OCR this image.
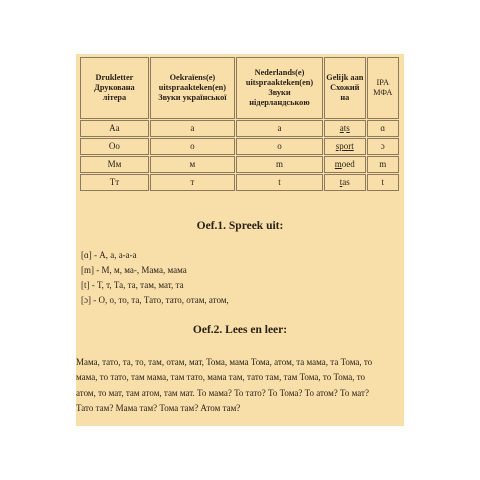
Drukletter Друкована літера	Oekraïens(e) uitspraakteken(en) Звуки української	Nederlands(e) uitspraakteken(en) Звуки нідерландською	Gelijk aan Схожий на	IPA МФА
Aa	a	a	ats	ɑ
Oo	o	o	sport	ɔ
Мм	м	m	moed	m
Тт	т	t	tas	t
Oef.1. Spreek uit:
[ɑ] - А, а, а-а-а
[m] - М, м, ма-, Мама, мама
[t] - Т, т, Та, та, там, мат, та
[ɔ] - О, о, то, та, Тато, тато, отам, атом,
Oef.2. Lees en leer:
Мама, тато, та, то, там, отам, мат, Тома, мама Тома, атом, та мама, та Тома, то
мама, то тато, там мама, там тато, мама там, тато там, там Тома, то Тома, то
атом, то мат, там атом, там мат. То мама? То тато? То Тома? То атом? То мат?
Тато там? Мама там? Тома там? Атом там?
